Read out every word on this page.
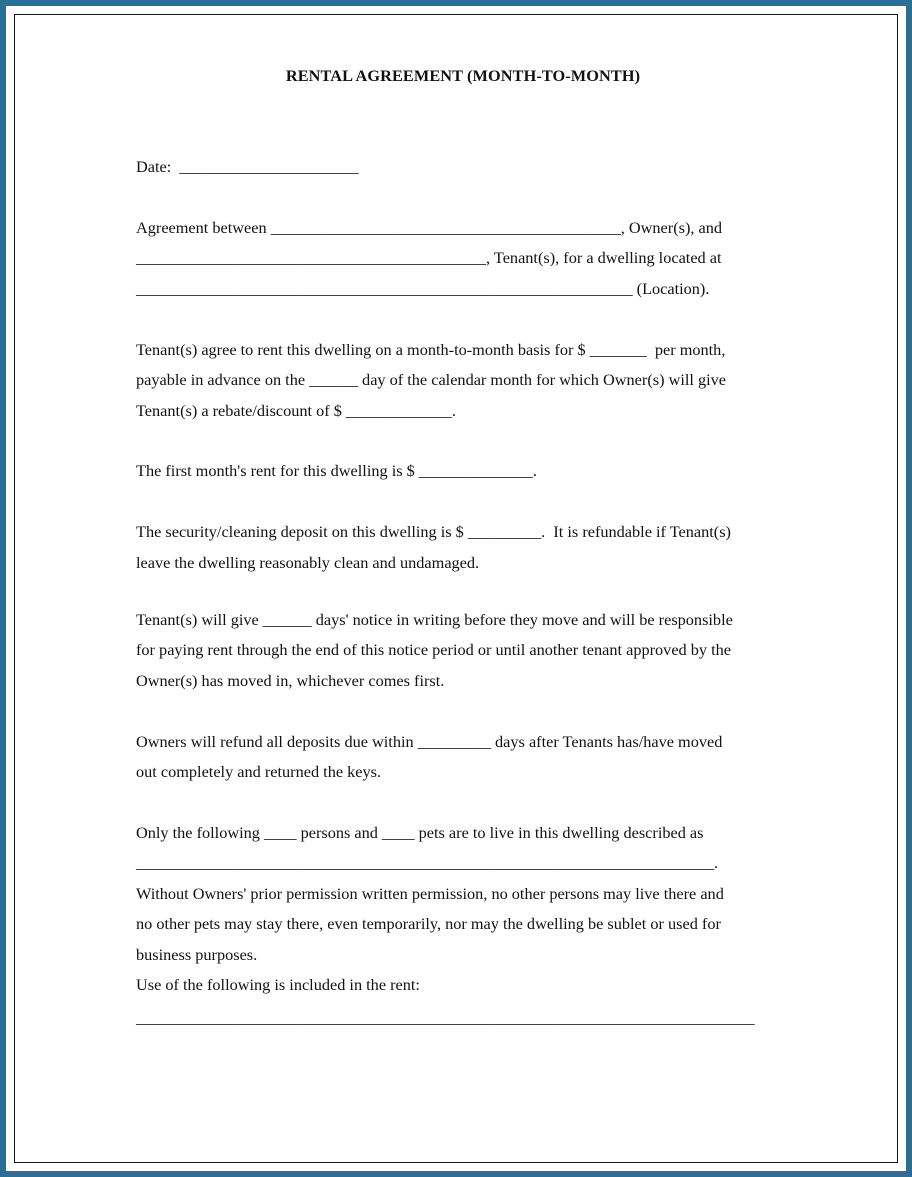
RENTAL AGREEMENT (MONTH-TO-MONTH)
Date:  ______________________
Agreement between ___________________________________________, Owner(s), and
___________________________________________, Tenant(s), for a dwelling located at
_____________________________________________________________ (Location).
Tenant(s) agree to rent this dwelling on a month-to-month basis for $ _______  per month,
payable in advance on the ______ day of the calendar month for which Owner(s) will give
Tenant(s) a rebate/discount of $ _____________.
The first month's rent for this dwelling is $ ______________.
The security/cleaning deposit on this dwelling is $ _________.  It is refundable if Tenant(s)
leave the dwelling reasonably clean and undamaged.
Tenant(s) will give ______ days' notice in writing before they move and will be responsible
for paying rent through the end of this notice period or until another tenant approved by the
Owner(s) has moved in, whichever comes first.
Owners will refund all deposits due within _________ days after Tenants has/have moved
out completely and returned the keys.
Only the following ____ persons and ____ pets are to live in this dwelling described as
_______________________________________________________________________.
Without Owners' prior permission written permission, no other persons may live there and
no other pets may stay there, even temporarily, nor may the dwelling be sublet or used for
business purposes.
Use of the following is included in the rent:
____________________________________________________________________________
